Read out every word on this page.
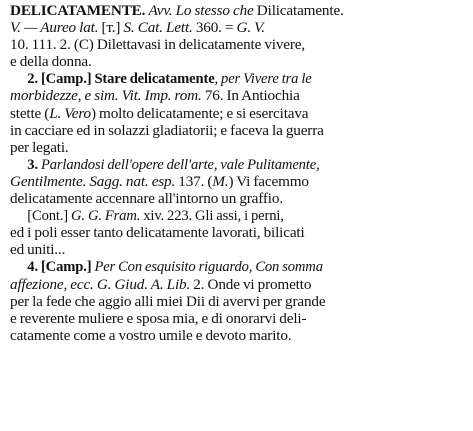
DELICATAMENTE. Avv. Lo stesso che Dilicatamente.
V. — Aureo lat. [т.] S. Cat. Lett. 360. = G. V.
10. 111. 2. (C) Dilettavasi in delicatamente vivere,
e della donna.
2. [Camp.] Stare delicatamente, per Vivere tra le
morbidezze, e sim. Vit. Imp. rom. 76. In Antiochia
stette (L. Vero) molto delicatamente; e si esercitava
in cacciare ed in solazzi gladiatorii; e faceva la guerra
per legati.
3. Parlandosi dell'opere dell'arte, vale Pulitamente,
Gentilmente. Sagg. nat. esp. 137. (M.) Vi facemmo
delicatamente accennare all'intorno un graffio.
[Cont.] G. G. Fram. xiv. 223. Gli assi, i perni,
ed i poli esser tanto delicatamente lavorati, bilicati
ed uniti...
4. [Camp.] Per Con esquisito riguardo, Con somma
affezione, ecc. G. Giud. A. Lib. 2. Onde vi prometto
per la fede che aggio alli miei Dii di avervi per grande
e reverente muliere e sposa mia, e di onorarvi deli-
catamente come a vostro umile e devoto marito.
